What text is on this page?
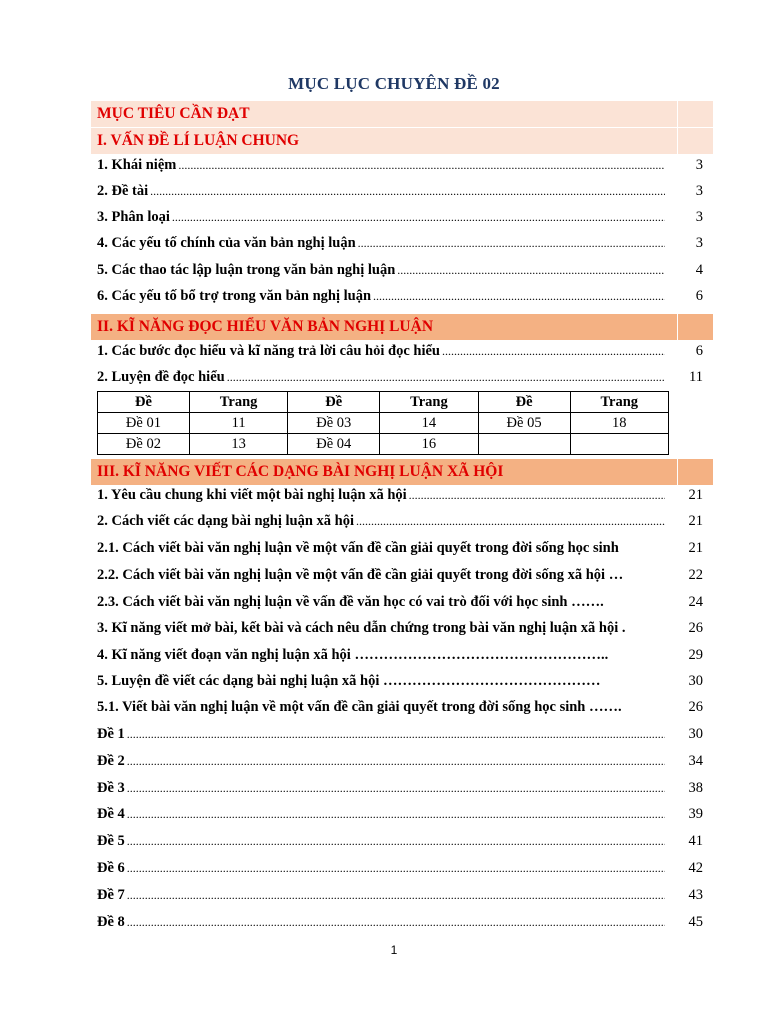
MỤC LỤC CHUYÊN ĐỀ 02
MỤC TIÊU CẦN ĐẠT
I. VẤN ĐỀ LÍ LUẬN CHUNG
1. Khái niệm .....	3
2. Đề tài .....	3
3. Phân loại .....	3
4. Các yếu tố chính của văn bản nghị luận .....	3
5. Các thao tác lập luận trong văn bản nghị luận .....	4
6. Các yếu tố bổ trợ trong văn bản nghị luận .....	6
II. KĨ NĂNG ĐỌC HIỂU VĂN BẢN NGHỊ LUẬN
1. Các bước đọc hiểu và kĩ năng trả lời câu hỏi đọc hiểu .....	6
2. Luyện đề đọc hiểu .....	11
Đề	Trang	Đề	Trang	Đề	Trang
Đề 01	11	Đề 03	14	Đề 05	18
Đề 02	13	Đề 04	16		
III. KĨ NĂNG VIẾT CÁC DẠNG BÀI NGHỊ LUẬN XÃ HỘI
1. Yêu cầu chung khi viết một bài nghị luận xã hội .....	21
2. Cách viết các dạng bài nghị luận xã hội .....	21
2.1. Cách viết bài văn nghị luận về một vấn đề cần giải quyết trong đời sống học sinh	21
2.2. Cách viết bài văn nghị luận về một vấn đề cần giải quyết trong đời sống xã hội …	22
2.3. Cách viết bài văn nghị luận về vấn đề văn học có vai trò đối với học sinh …….	24
3. Kĩ năng viết mở bài, kết bài và cách nêu dẫn chứng trong bài văn nghị luận xã hội .	26
4. Kĩ năng viết đoạn văn nghị luận xã hội ……………………………………………..	29
5. Luyện đề viết các dạng bài nghị luận xã hội ………………………………………	30
5.1. Viết bài văn nghị luận về một vấn đề cần giải quyết trong đời sống học sinh …….	26
Đề 1 .....	30
Đề 2 .....	34
Đề 3 .....	38
Đề 4 .....	39
Đề 5 .....	41
Đề 6 .....	42
Đề 7 .....	43
Đề 8 .....	45
1
